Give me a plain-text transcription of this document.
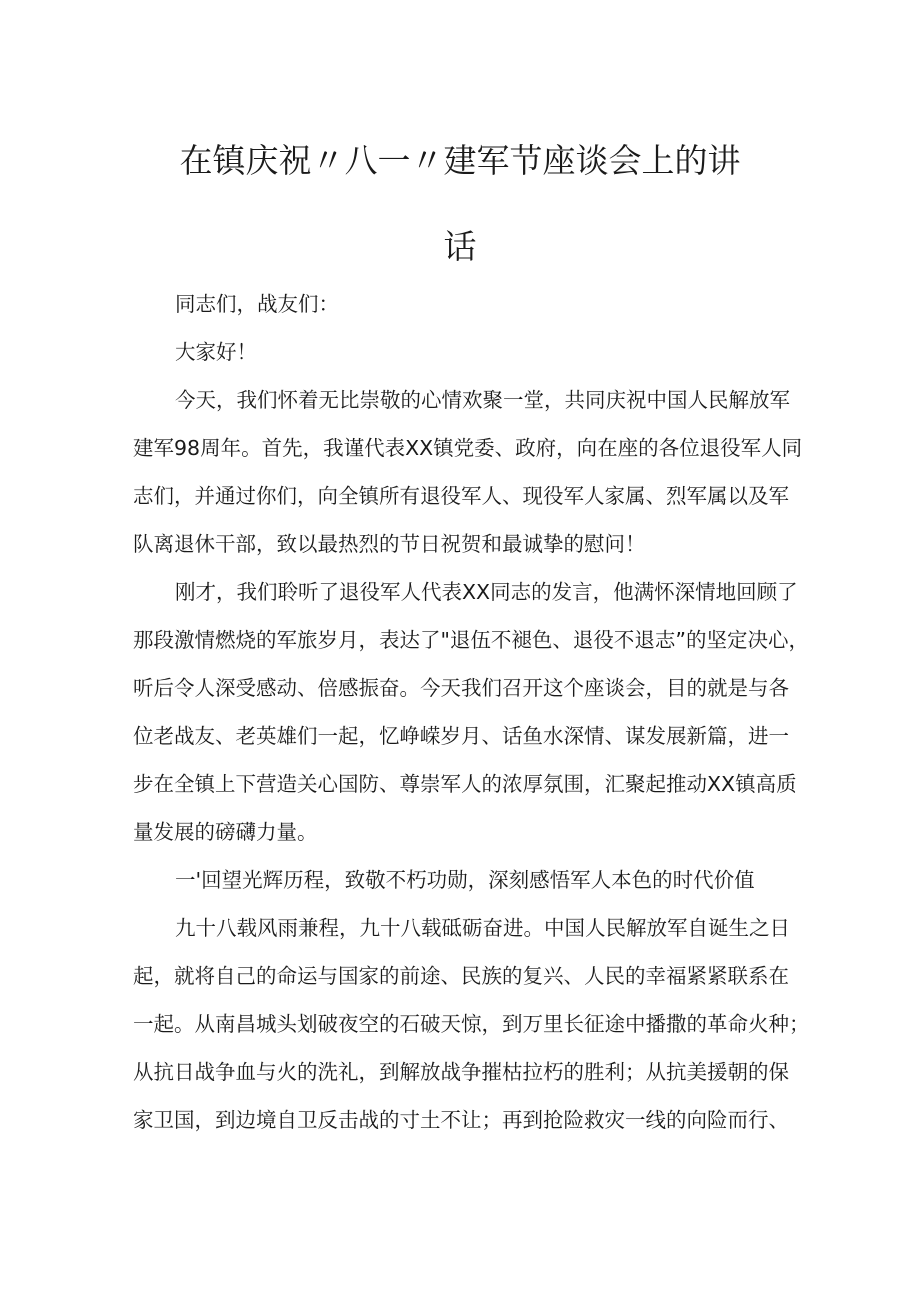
在镇庆祝〃八一〃建军节座谈会上的讲
话

同志们，战友们：

大家好！

今天，我们怀着无比崇敬的心情欢聚一堂，共同庆祝中国人民解放军

建军98周年。首先，我谨代表XX镇党委、政府，向在座的各位退役军人同

志们，并通过你们，向全镇所有退役军人、现役军人家属、烈军属以及军

队离退休干部，致以最热烈的节日祝贺和最诚挚的慰问！

刚才，我们聆听了退役军人代表XX同志的发言，他满怀深情地回顾了

那段激情燃烧的军旅岁月，表达了"退伍不褪色、退役不退志”的坚定决心，

听后令人深受感动、倍感振奋。今天我们召开这个座谈会，目的就是与各

位老战友、老英雄们一起，忆峥嵘岁月、话鱼水深情、谋发展新篇，进一

步在全镇上下营造关心国防、尊崇军人的浓厚氛围，汇聚起推动XX镇高质

量发展的磅礴力量。

一'回望光辉历程，致敬不朽功勋，深刻感悟军人本色的时代价值

九十八载风雨兼程，九十八载砥砺奋进。中国人民解放军自诞生之日

起，就将自己的命运与国家的前途、民族的复兴、人民的幸福紧紧联系在

一起。从南昌城头划破夜空的石破天惊，到万里长征途中播撒的革命火种；

从抗日战争血与火的洗礼，到解放战争摧枯拉朽的胜利；从抗美援朝的保

家卫国，到边境自卫反击战的寸土不让；再到抢险救灾一线的向险而行、
